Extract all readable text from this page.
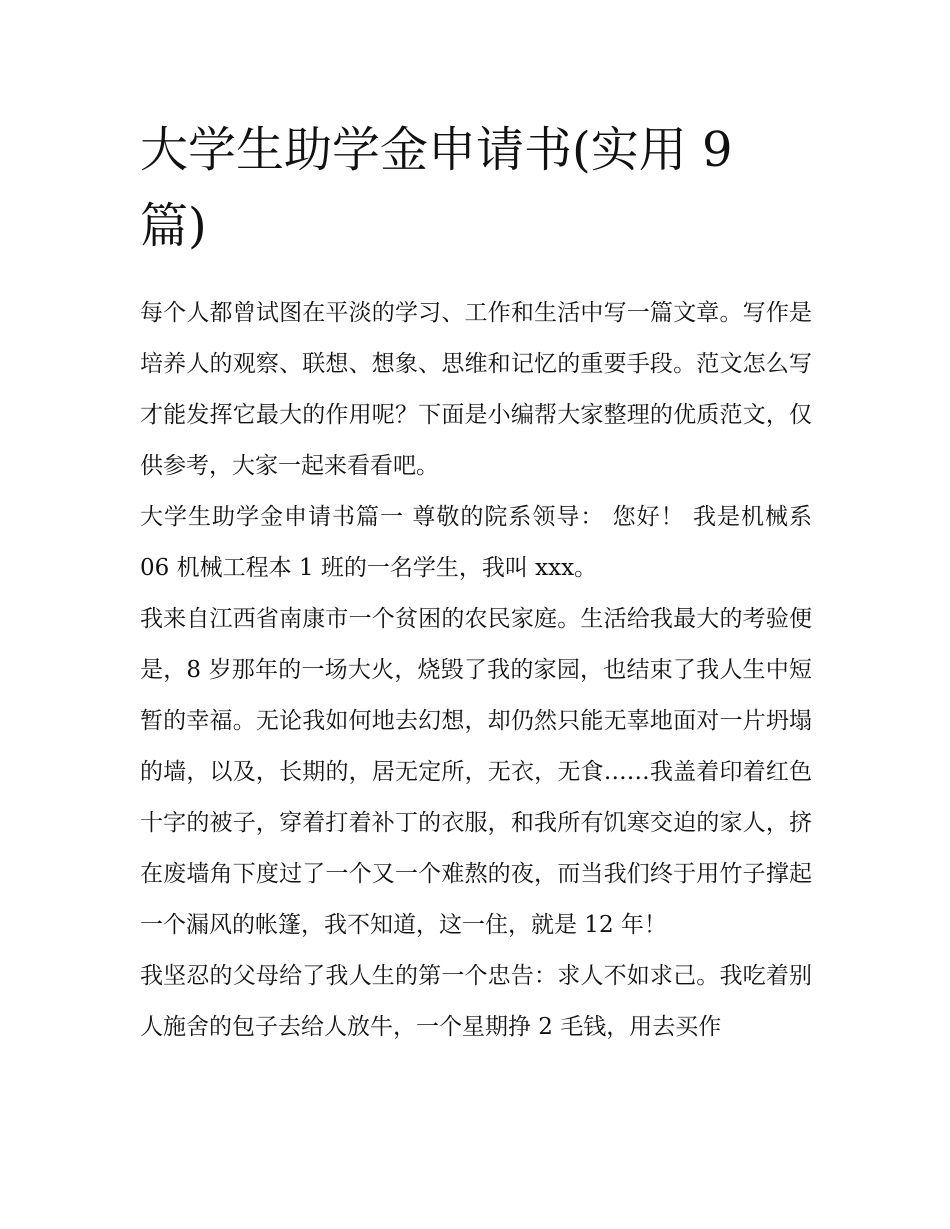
大学生助学金申请书(实用 9 篇)

每个人都曾试图在平淡的学习、工作和生活中写一篇文章。写作是培养人的观察、联想、想象、思维和记忆的重要手段。范文怎么写才能发挥它最大的作用呢？下面是小编帮大家整理的优质范文，仅供参考，大家一起来看看吧。

大学生助学金申请书篇一 尊敬的院系领导： 您好！ 我是机械系 06 机械工程本 1 班的一名学生，我叫 xxx。

我来自江西省南康市一个贫困的农民家庭。生活给我最大的考验便是，8 岁那年的一场大火，烧毁了我的家园，也结束了我人生中短暂的幸福。无论我如何地去幻想，却仍然只能无辜地面对一片坍塌的墙，以及，长期的，居无定所，无衣，无食……我盖着印着红色十字的被子，穿着打着补丁的衣服，和我所有饥寒交迫的家人，挤在废墙角下度过了一个又一个难熬的夜，而当我们终于用竹子撑起一个漏风的帐篷，我不知道，这一住，就是 12 年！

我坚忍的父母给了我人生的第一个忠告：求人不如求己。我吃着别人施舍的包子去给人放牛，一个星期挣 2 毛钱，用去买作
